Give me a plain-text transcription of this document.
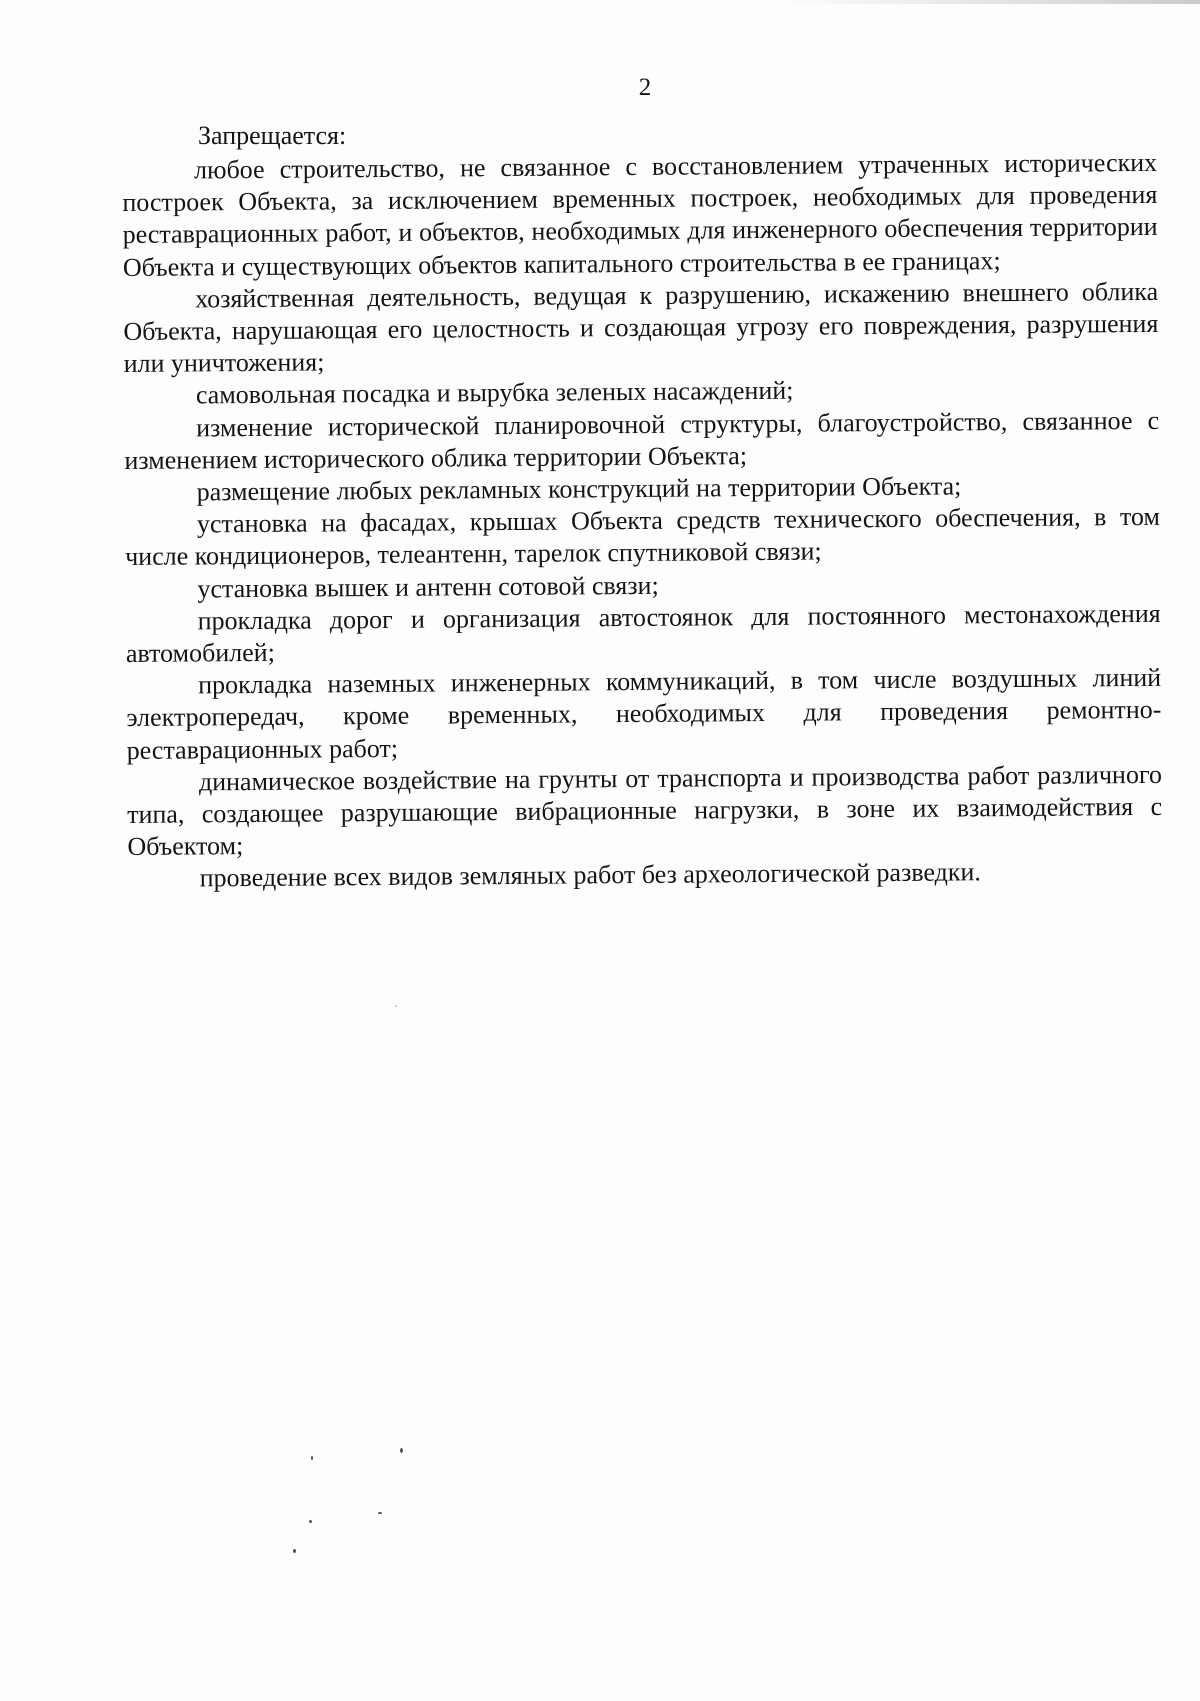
2
Запрещается:

любое строительство, не связанное с восстановлением утраченных исторических построек Объекта, за исключением временных построек, необходимых для проведения реставрационных работ, и объектов, необходимых для инженерного обеспечения территории Объекта и существующих объектов капитального строительства в ее границах;

хозяйственная деятельность, ведущая к разрушению, искажению внешнего облика Объекта, нарушающая его целостность и создающая угрозу его повреждения, разрушения или уничтожения;

самовольная посадка и вырубка зеленых насаждений;

изменение исторической планировочной структуры, благоустройство, связанное с изменением исторического облика территории Объекта;

размещение любых рекламных конструкций на территории Объекта;

установка на фасадах, крышах Объекта средств технического обеспечения, в том числе кондиционеров, телеантенн, тарелок спутниковой связи;

установка вышек и антенн сотовой связи;

прокладка дорог и организация автостоянок для постоянного местонахождения автомобилей;

прокладка наземных инженерных коммуникаций, в том числе воздушных линий электропередач, кроме временных, необходимых для проведения ремонтно-реставрационных работ;

динамическое воздействие на грунты от транспорта и производства работ различного типа, создающее разрушающие вибрационные нагрузки, в зоне их взаимодействия с Объектом;

проведение всех видов земляных работ без археологической разведки.
